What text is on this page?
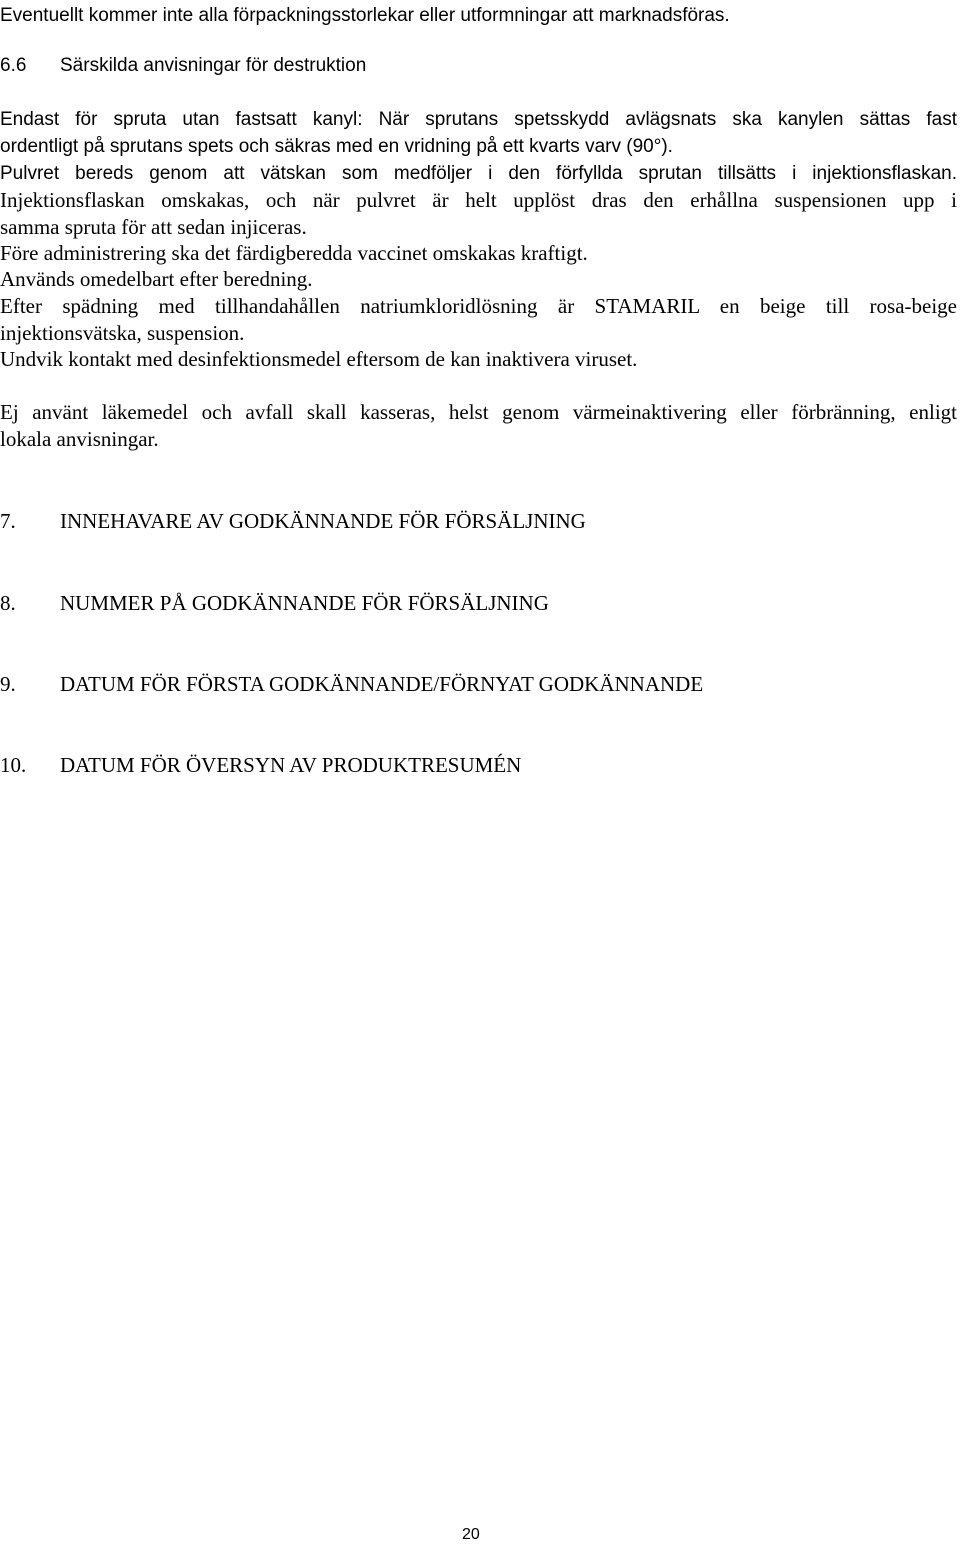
Eventuellt kommer inte alla förpackningsstorlekar eller utformningar att marknadsföras.
6.6 Särskilda anvisningar för destruktion
Endast för spruta utan fastsatt kanyl: När sprutans spetsskydd avlägsnats ska kanylen sättas fast
ordentligt på sprutans spets och säkras med en vridning på ett kvarts varv (90°).
Pulvret bereds genom att vätskan som medföljer i den förfyllda sprutan tillsätts i injektionsflaskan.
Injektionsflaskan omskakas, och när pulvret är helt upplöst dras den erhållna suspensionen upp i
samma spruta för att sedan injiceras.
Före administrering ska det färdigberedda vaccinet omskakas kraftigt.
Används omedelbart efter beredning.
Efter spädning med tillhandahållen natriumkloridlösning är STAMARIL en beige till rosa-beige
injektionsvätska, suspension.
Undvik kontakt med desinfektionsmedel eftersom de kan inaktivera viruset.
Ej använt läkemedel och avfall skall kasseras, helst genom värmeinaktivering eller förbränning, enligt
lokala anvisningar.
7. INNEHAVARE AV GODKÄNNANDE FÖR FÖRSÄLJNING
8. NUMMER PÅ GODKÄNNANDE FÖR FÖRSÄLJNING
9. DATUM FÖR FÖRSTA GODKÄNNANDE/FÖRNYAT GODKÄNNANDE
10. DATUM FÖR ÖVERSYN AV PRODUKTRESUMÉN
20
